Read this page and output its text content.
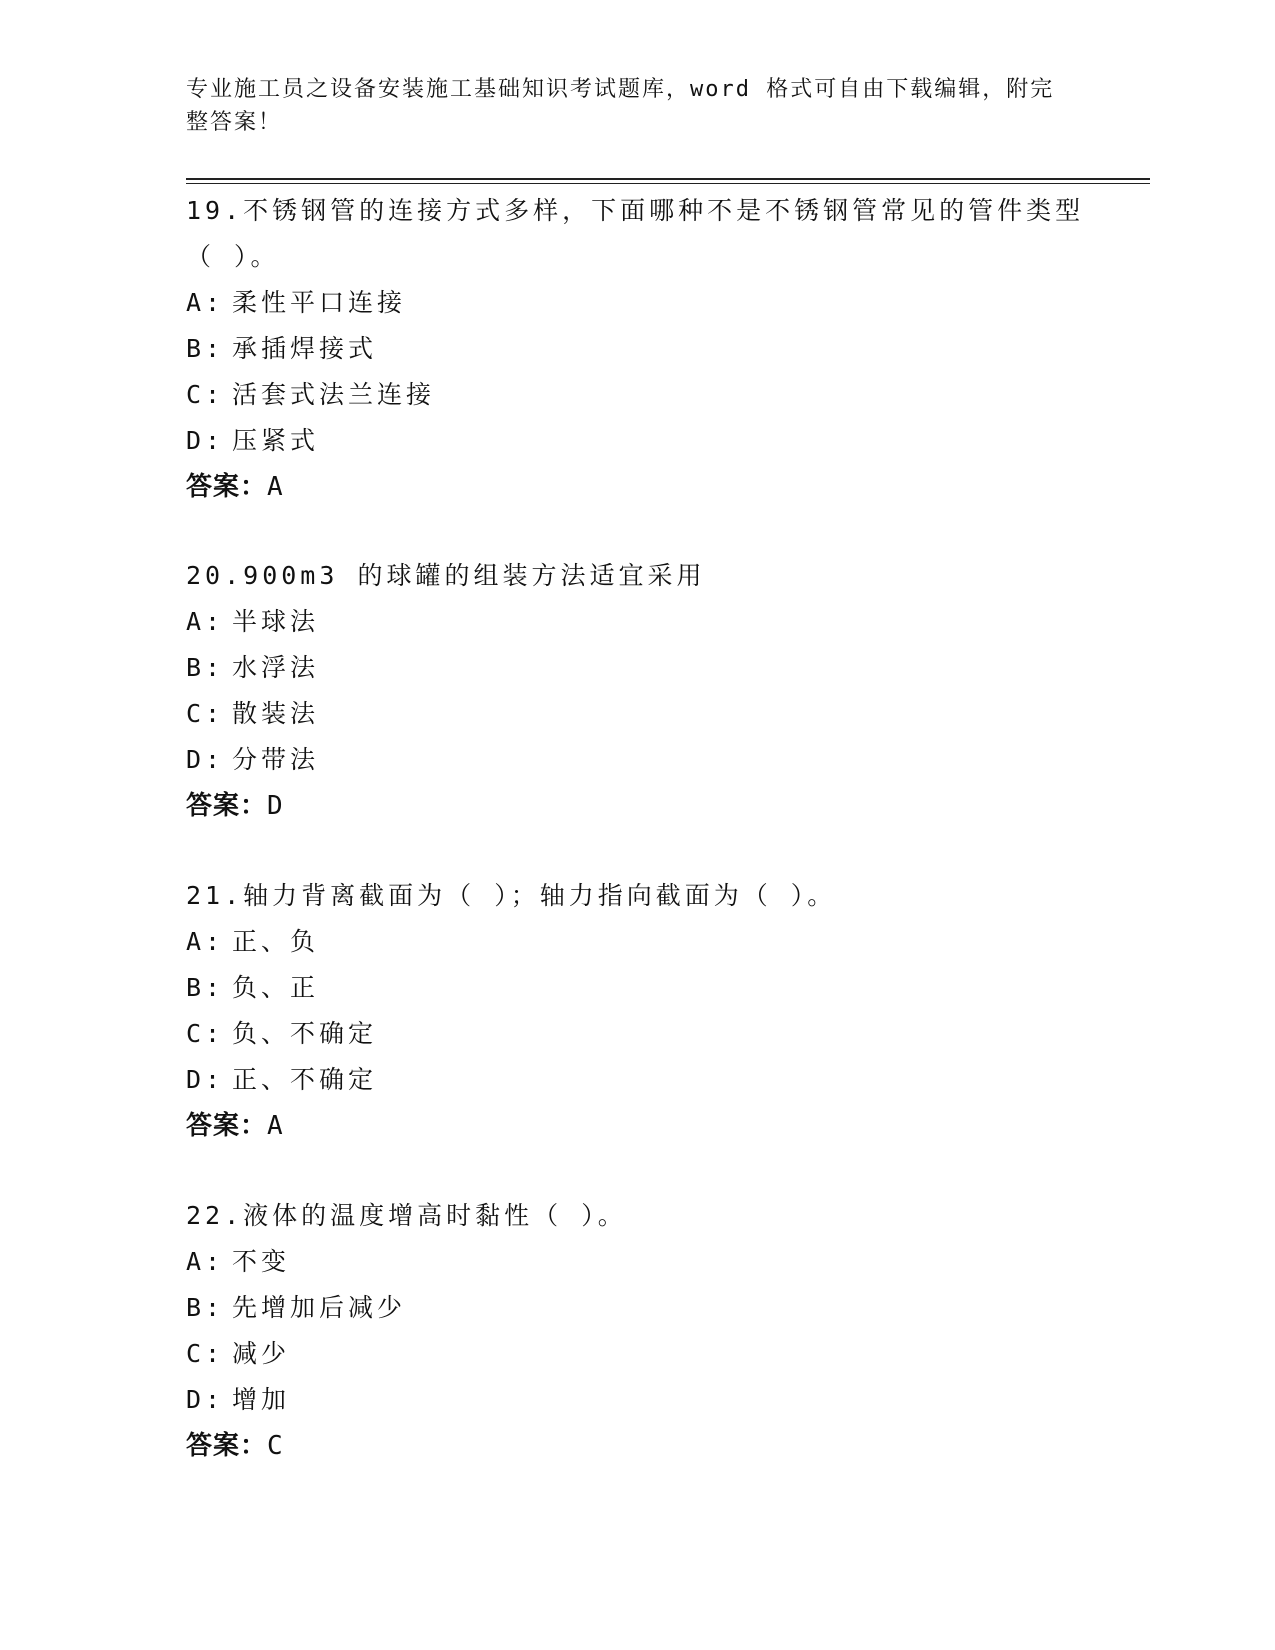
专业施工员之设备安装施工基础知识考试题库，word 格式可自由下载编辑，附完
整答案！
19.不锈钢管的连接方式多样，下面哪种不是不锈钢管常见的管件类型
（ ）。
A: 柔性平口连接
B: 承插焊接式
C: 活套式法兰连接
D: 压紧式
答案：A
20.900m3 的球罐的组装方法适宜采用
A: 半球法
B: 水浮法
C: 散装法
D: 分带法
答案：D
21.轴力背离截面为（ ）；轴力指向截面为（ ）。
A: 正、负
B: 负、正
C: 负、不确定
D: 正、不确定
答案：A
22.液体的温度增高时黏性（ ）。
A: 不变
B: 先增加后减少
C: 减少
D: 增加
答案：C
